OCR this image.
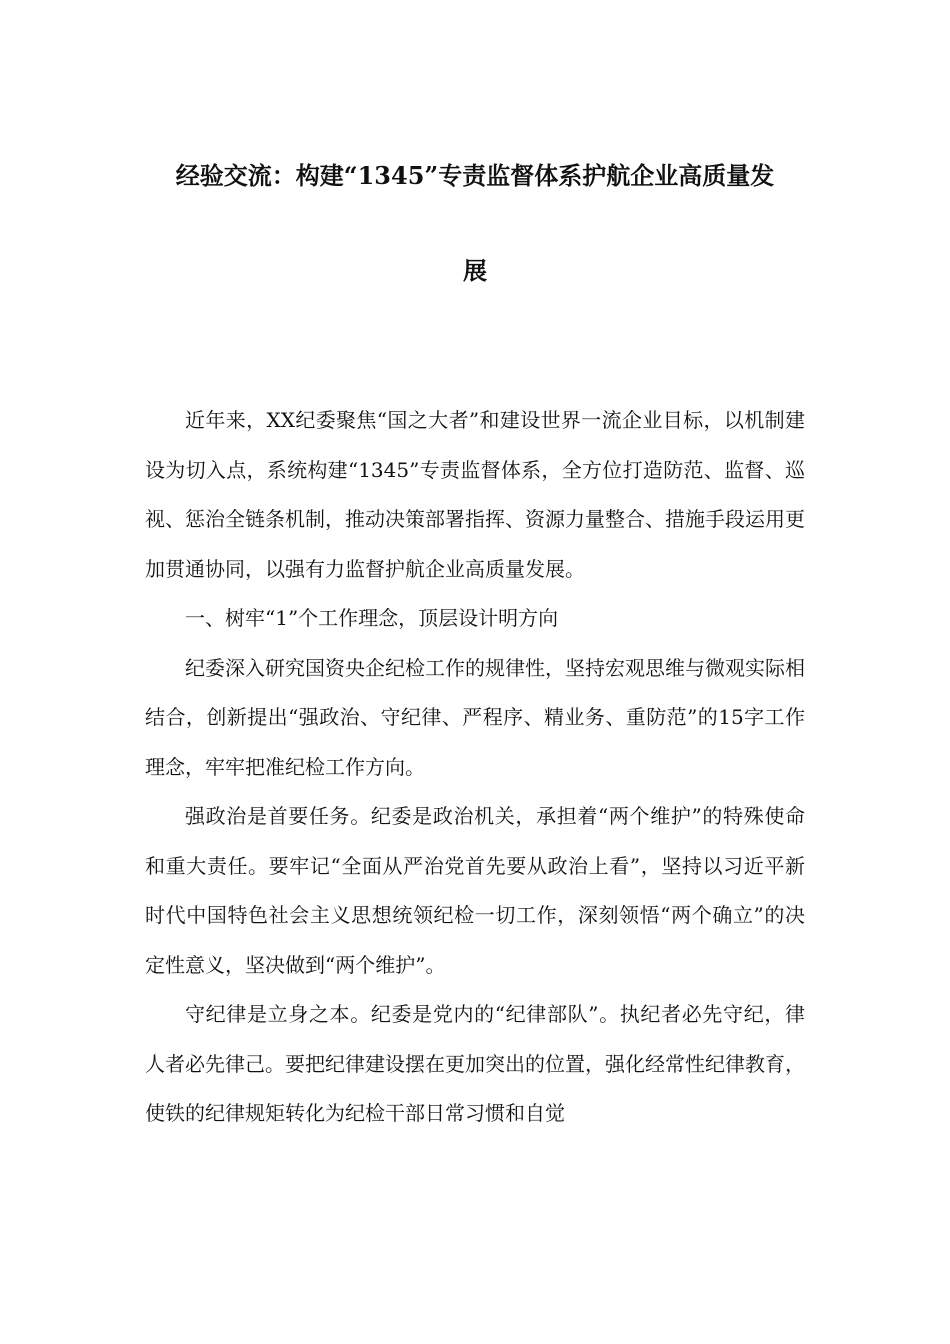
经验交流：构建“1345”专责监督体系护航企业高质量发
展

近年来，XX纪委聚焦“国之大者”和建设世界一流企业目标，以机制建设为切入点，系统构建“1345”专责监督体系，全方位打造防范、监督、巡视、惩治全链条机制，推动决策部署指挥、资源力量整合、措施手段运用更加贯通协同，以强有力监督护航企业高质量发展。

一、树牢“1”个工作理念，顶层设计明方向

纪委深入研究国资央企纪检工作的规律性，坚持宏观思维与微观实际相结合，创新提出“强政治、守纪律、严程序、精业务、重防范”的15字工作理念，牢牢把准纪检工作方向。

强政治是首要任务。纪委是政治机关，承担着“两个维护”的特殊使命和重大责任。要牢记“全面从严治党首先要从政治上看”，坚持以习近平新时代中国特色社会主义思想统领纪检一切工作，深刻领悟“两个确立”的决定性意义，坚决做到“两个维护”。

守纪律是立身之本。纪委是党内的“纪律部队”。执纪者必先守纪，律人者必先律己。要把纪律建设摆在更加突出的位置，强化经常性纪律教育，使铁的纪律规矩转化为纪检干部日常习惯和自觉
